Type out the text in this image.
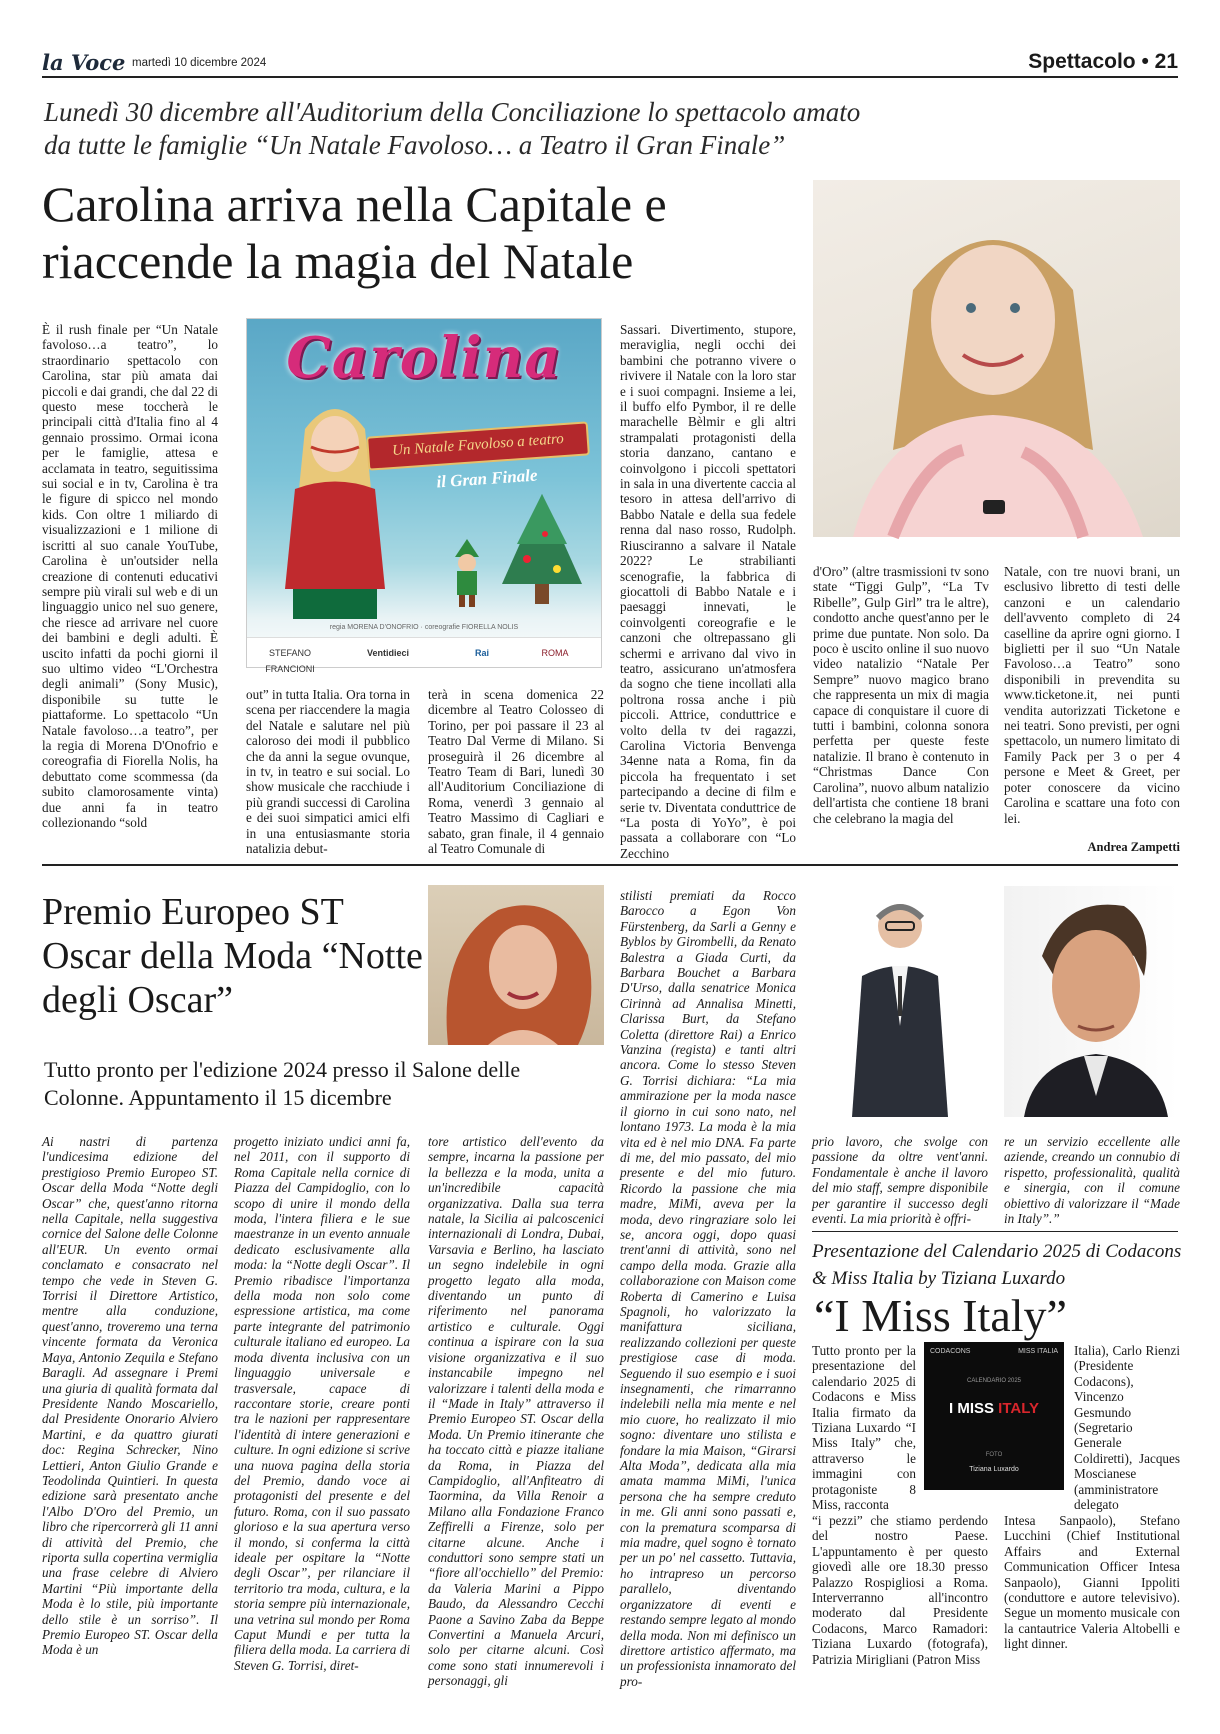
la Voce martedì 10 dicembre 2024	Spettacolo • 21
Lunedì 30 dicembre all'Auditorium della Conciliazione lo spettacolo amato da tutte le famiglie “Un Natale Favoloso… a Teatro il Gran Finale”
Carolina arriva nella Capitale e riaccende la magia del Natale
È il rush finale per “Un Natale favoloso…a teatro”, lo straordinario spettacolo con Carolina, star più amata dai piccoli e dai grandi, che dal 22 di questo mese toccherà le principali città d'Italia fino al 4 gennaio prossimo. Ormai icona per le famiglie, attesa e acclamata in teatro, seguitissima sui social e in tv, Carolina è tra le figure di spicco nel mondo kids. Con oltre 1 miliardo di visualizzazioni e 1 milione di iscritti al suo canale YouTube, Carolina è un'outsider nella creazione di contenuti educativi sempre più virali sul web e di un linguaggio unico nel suo genere, che riesce ad arrivare nel cuore dei bambini e degli adulti. È uscito infatti da pochi giorni il suo ultimo video “L'Orchestra degli animali” (Sony Music), disponibile su tutte le piattaforme. Lo spettacolo “Un Natale favoloso…a teatro”, per la regia di Morena D'Onofrio e coreografia di Fiorella Nolis, ha debuttato come scommessa (da subito clamorosamente vinta) due anni fa in teatro collezionando “sold
Carolina
Un Natale Favoloso a teatro
il Gran Finale
regia MORENA D'ONOFRIO · coreografie FIORELLA NOLIS
STEFANO FRANCIONI
Ventidieci	Rai	ROMA
out” in tutta Italia. Ora torna in scena per riaccendere la magia del Natale e salutare nel più caloroso dei modi il pubblico che da anni la segue ovunque, in tv, in teatro e sui social. Lo show musicale che racchiude i più grandi successi di Carolina e dei suoi simpatici amici elfi in una entusiasmante storia natalizia debut-
terà in scena domenica 22 dicembre al Teatro Colosseo di Torino, per poi passare il 23 al Teatro Dal Verme di Milano. Si proseguirà il 26 dicembre al Teatro Team di Bari, lunedì 30 all'Auditorium Conciliazione di Roma, venerdì 3 gennaio al Teatro Massimo di Cagliari e sabato, gran finale, il 4 gennaio al Teatro Comunale di
Sassari. Divertimento, stupore, meraviglia, negli occhi dei bambini che potranno vivere o rivivere il Natale con la loro star e i suoi compagni. Insieme a lei, il buffo elfo Pymbor, il re delle marachelle Bèlmir e gli altri strampalati protagonisti della storia danzano, cantano e coinvolgono i piccoli spettatori in sala in una divertente caccia al tesoro in attesa dell'arrivo di Babbo Natale e della sua fedele renna dal naso rosso, Rudolph. Riusciranno a salvare il Natale 2022? Le strabilianti scenografie, la fabbrica di giocattoli di Babbo Natale e i paesaggi innevati, le coinvolgenti coreografie e le canzoni che oltrepassano gli schermi e arrivano dal vivo in teatro, assicurano un'atmosfera da sogno che tiene incollati alla poltrona rossa anche i più piccoli. Attrice, conduttrice e volto della tv dei ragazzi, Carolina Victoria Benvenga 34enne nata a Roma, fin da piccola ha frequentato i set partecipando a decine di film e serie tv. Diventata conduttrice de “La posta di YoYo”, è poi passata a collaborare con “Lo Zecchino
d'Oro” (altre trasmissioni tv sono state “Tiggi Gulp”, “La Tv Ribelle”, Gulp Girl” tra le altre), condotto anche quest'anno per le prime due puntate. Non solo. Da poco è uscito online il suo nuovo video natalizio “Natale Per Sempre” nuovo magico brano che rappresenta un mix di magia capace di conquistare il cuore di tutti i bambini, colonna sonora perfetta per queste feste natalizie. Il brano è contenuto in “Christmas Dance Con Carolina”, nuovo album natalizio dell'artista che contiene 18 brani che celebrano la magia del
Natale, con tre nuovi brani, un esclusivo libretto di testi delle canzoni e un calendario dell'avvento completo di 24 caselline da aprire ogni giorno. I biglietti per il suo “Un Natale Favoloso…a Teatro” sono disponibili in prevendita su www.ticketone.it, nei punti vendita autorizzati Ticketone e nei teatri. Sono previsti, per ogni spettacolo, un numero limitato di Family Pack per 3 o per 4 persone e Meet & Greet, per poter conoscere da vicino Carolina e scattare una foto con lei.
Andrea Zampetti
Premio Europeo ST Oscar della Moda “Notte degli Oscar”
Tutto pronto per l'edizione 2024 presso il Salone delle Colonne. Appuntamento il 15 dicembre
Ai nastri di partenza l'undicesima edizione del prestigioso Premio Europeo ST. Oscar della Moda “Notte degli Oscar” che, quest'anno ritorna nella Capitale, nella suggestiva cornice del Salone delle Colonne all'EUR. Un evento ormai conclamato e consacrato nel tempo che vede in Steven G. Torrisi il Direttore Artistico, mentre alla conduzione, quest'anno, troveremo una terna vincente formata da Veronica Maya, Antonio Zequila e Stefano Baragli. Ad assegnare i Premi una giuria di qualità formata dal Presidente Nando Moscariello, dal Presidente Onorario Alviero Martini, e da quattro giurati doc: Regina Schrecker, Nino Lettieri, Anton Giulio Grande e Teodolinda Quintieri. In questa edizione sarà presentato anche l'Albo D'Oro del Premio, un libro che ripercorrerà gli 11 anni di attività del Premio, che riporta sulla copertina vermiglia una frase celebre di Alviero Martini “Più importante della Moda è lo stile, più importante dello stile è un sorriso”. Il Premio Europeo ST. Oscar della Moda è un
progetto iniziato undici anni fa, nel 2011, con il supporto di Roma Capitale nella cornice di Piazza del Campidoglio, con lo scopo di unire il mondo della moda, l'intera filiera e le sue maestranze in un evento annuale dedicato esclusivamente alla moda: la “Notte degli Oscar”. Il Premio ribadisce l'importanza della moda non solo come espressione artistica, ma come parte integrante del patrimonio culturale italiano ed europeo. La moda diventa inclusiva con un linguaggio universale e trasversale, capace di raccontare storie, creare ponti tra le nazioni per rappresentare l'identità di intere generazioni e culture. In ogni edizione si scrive una nuova pagina della storia del Premio, dando voce ai protagonisti del presente e del futuro. Roma, con il suo passato glorioso e la sua apertura verso il mondo, si conferma la città ideale per ospitare la “Notte degli Oscar”, per rilanciare il territorio tra moda, cultura, e la storia sempre più internazionale, una vetrina sul mondo per Roma Caput Mundi e per tutta la filiera della moda. La carriera di Steven G. Torrisi, diret-
tore artistico dell'evento da sempre, incarna la passione per la bellezza e la moda, unita a un'incredibile capacità organizzativa. Dalla sua terra natale, la Sicilia ai palcoscenici internazionali di Londra, Dubai, Varsavia e Berlino, ha lasciato un segno indelebile in ogni progetto legato alla moda, diventando un punto di riferimento nel panorama artistico e culturale. Oggi continua a ispirare con la sua visione organizzativa e il suo instancabile impegno nel valorizzare i talenti della moda e il “Made in Italy” attraverso il Premio Europeo ST. Oscar della Moda. Un Premio itinerante che ha toccato città e piazze italiane da Roma, in Piazza del Campidoglio, all'Anfiteatro di Taormina, da Villa Renoir a Milano alla Fondazione Franco Zeffirelli a Firenze, solo per citarne alcune. Anche i conduttori sono sempre stati un “fiore all'occhiello” del Premio: da Valeria Marini a Pippo Baudo, da Alessandro Cecchi Paone a Savino Zaba da Beppe Convertini a Manuela Arcuri, solo per citarne alcuni. Così come sono stati innumerevoli i personaggi, gli
stilisti premiati da Rocco Barocco a Egon Von Fürstenberg, da Sarli a Genny e Byblos by Girombelli, da Renato Balestra a Giada Curti, da Barbara Bouchet a Barbara D'Urso, dalla senatrice Monica Cirinnà ad Annalisa Minetti, Clarissa Burt, da Stefano Coletta (direttore Rai) a Enrico Vanzina (regista) e tanti altri ancora. Come lo stesso Steven G. Torrisi dichiara: “La mia ammirazione per la moda nasce il giorno in cui sono nato, nel lontano 1973. La moda è la mia vita ed è nel mio DNA. Fa parte di me, del mio passato, del mio presente e del mio futuro. Ricordo la passione che mia madre, MiMi, aveva per la moda, devo ringraziare solo lei se, ancora oggi, dopo quasi trent'anni di attività, sono nel campo della moda. Grazie alla collaborazione con Maison come Roberta di Camerino e Luisa Spagnoli, ho valorizzato la manifattura siciliana, realizzando collezioni per queste prestigiose case di moda. Seguendo il suo esempio e i suoi insegnamenti, che rimarranno indelebili nella mia mente e nel mio cuore, ho realizzato il mio sogno: diventare uno stilista e fondare la mia Maison, “Girarsi Alta Moda”, dedicata alla mia amata mamma MiMi, l'unica persona che ha sempre creduto in me. Gli anni sono passati e, con la prematura scomparsa di mia madre, quel sogno è tornato per un po' nel cassetto. Tuttavia, ho intrapreso un percorso parallelo, diventando organizzatore di eventi e restando sempre legato al mondo della moda. Non mi definisco un direttore artistico affermato, ma un professionista innamorato del pro-
prio lavoro, che svolge con passione da oltre vent'anni. Fondamentale è anche il lavoro del mio staff, sempre disponibile per garantire il successo degli eventi. La mia priorità è offri-
re un servizio eccellente alle aziende, creando un connubio di rispetto, professionalità, qualità e sinergia, con il comune obiettivo di valorizzare il “Made in Italy”.”
Presentazione del Calendario 2025 di Codacons & Miss Italia by Tiziana Luxardo
“I Miss Italy”
Tutto pronto per la presentazione del calendario 2025 di Codacons e Miss Italia firmato da Tiziana Luxardo “I Miss Italy” che, attraverso le immagini con protagoniste 8 Miss, racconta
CODACONS	MISS ITALIA
CALENDARIO 2025
I MISS ITALY
FOTO
Tiziana Luxardo
Italia), Carlo Rienzi (Presidente Codacons), Vincenzo Gesmundo (Segretario Generale Coldiretti), Jacques Moscianese (amministratore delegato
“i pezzi” che stiamo perdendo del nostro Paese. L'appuntamento è per questo giovedì alle ore 18.30 presso Palazzo Rospigliosi a Roma. Interverranno all'incontro moderato dal Presidente Codacons, Marco Ramadori: Tiziana Luxardo (fotografa), Patrizia Mirigliani (Patron Miss
Intesa Sanpaolo), Stefano Lucchini (Chief Institutional Affairs and External Communication Officer Intesa Sanpaolo), Gianni Ippoliti (conduttore e autore televisivo). Segue un momento musicale con la cantautrice Valeria Altobelli e light dinner.
